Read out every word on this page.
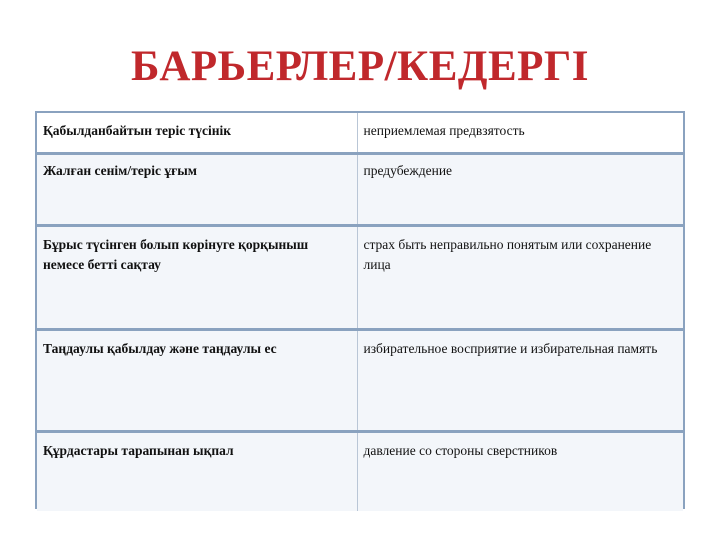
БАРЬЕРЛЕР/КЕДЕРГІ
Қабылданбайтын теріс түсінік	неприемлемая предвзятость
Жалған сенім/теріс ұғым	предубеждение
Бұрыс түсінген болып көрінуге қорқыныш немесе бетті сақтау	страх быть неправильно понятым или сохранение лица
Таңдаулы қабылдау және таңдаулы ес	избирательное восприятие и избирательная память
Құрдастары тарапынан ықпал	давление со стороны сверстников
